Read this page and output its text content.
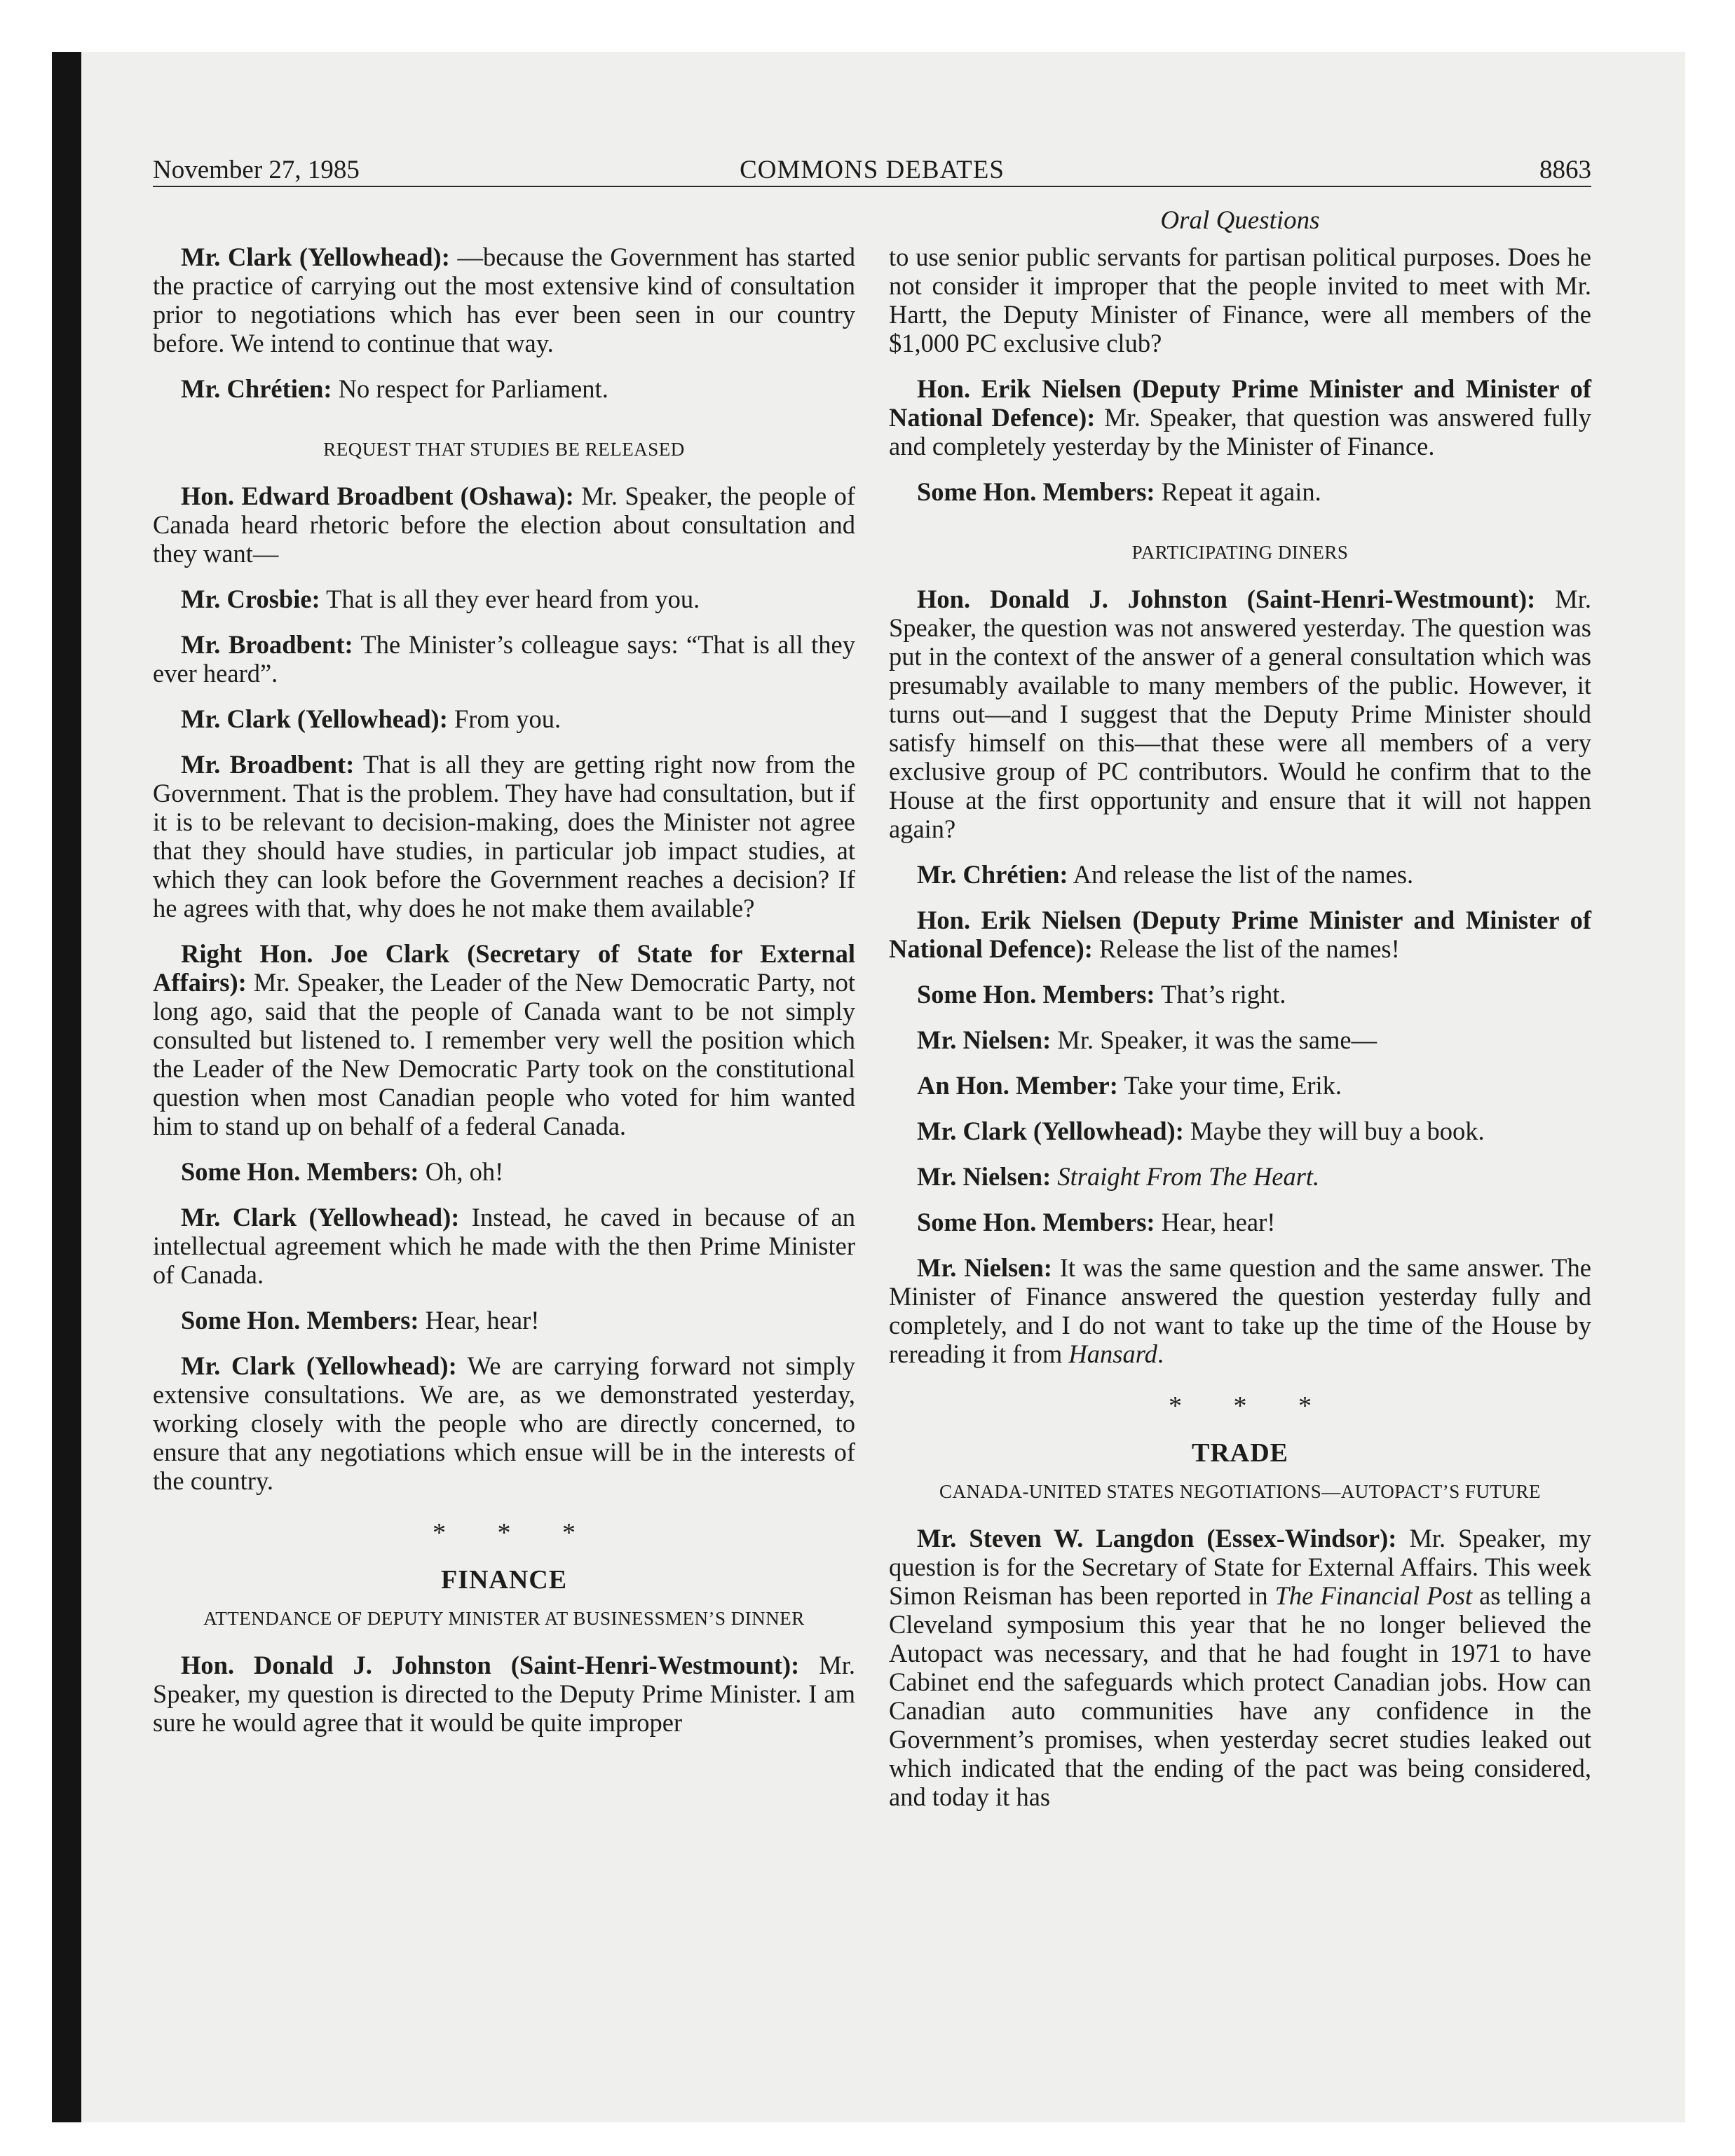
November 27, 1985	COMMONS DEBATES	8863
Oral Questions

Mr. Clark (Yellowhead): —because the Government has started the practice of carrying out the most extensive kind of consultation prior to negotiations which has ever been seen in our country before. We intend to continue that way.

Mr. Chrétien: No respect for Parliament.

REQUEST THAT STUDIES BE RELEASED

Hon. Edward Broadbent (Oshawa): Mr. Speaker, the people of Canada heard rhetoric before the election about consultation and they want—

Mr. Crosbie: That is all they ever heard from you.

Mr. Broadbent: The Minister’s colleague says: “That is all they ever heard”.

Mr. Clark (Yellowhead): From you.

Mr. Broadbent: That is all they are getting right now from the Government. That is the problem. They have had consultation, but if it is to be relevant to decision-making, does the Minister not agree that they should have studies, in particular job impact studies, at which they can look before the Government reaches a decision? If he agrees with that, why does he not make them available?

Right Hon. Joe Clark (Secretary of State for External Affairs): Mr. Speaker, the Leader of the New Democratic Party, not long ago, said that the people of Canada want to be not simply consulted but listened to. I remember very well the position which the Leader of the New Democratic Party took on the constitutional question when most Canadian people who voted for him wanted him to stand up on behalf of a federal Canada.

Some Hon. Members: Oh, oh!

Mr. Clark (Yellowhead): Instead, he caved in because of an intellectual agreement which he made with the then Prime Minister of Canada.

Some Hon. Members: Hear, hear!

Mr. Clark (Yellowhead): We are carrying forward not simply extensive consultations. We are, as we demonstrated yesterday, working closely with the people who are directly concerned, to ensure that any negotiations which ensue will be in the interests of the country.

* * *
FINANCE
ATTENDANCE OF DEPUTY MINISTER AT BUSINESSMEN’S DINNER

Hon. Donald J. Johnston (Saint-Henri-Westmount): Mr. Speaker, my question is directed to the Deputy Prime Minister. I am sure he would agree that it would be quite improper

to use senior public servants for partisan political purposes. Does he not consider it improper that the people invited to meet with Mr. Hartt, the Deputy Minister of Finance, were all members of the $1,000 PC exclusive club?

Hon. Erik Nielsen (Deputy Prime Minister and Minister of National Defence): Mr. Speaker, that question was answered fully and completely yesterday by the Minister of Finance.

Some Hon. Members: Repeat it again.

PARTICIPATING DINERS

Hon. Donald J. Johnston (Saint-Henri-Westmount): Mr. Speaker, the question was not answered yesterday. The question was put in the context of the answer of a general consultation which was presumably available to many members of the public. However, it turns out—and I suggest that the Deputy Prime Minister should satisfy himself on this—that these were all members of a very exclusive group of PC contributors. Would he confirm that to the House at the first opportunity and ensure that it will not happen again?

Mr. Chrétien: And release the list of the names.

Hon. Erik Nielsen (Deputy Prime Minister and Minister of National Defence): Release the list of the names!

Some Hon. Members: That’s right.

Mr. Nielsen: Mr. Speaker, it was the same—

An Hon. Member: Take your time, Erik.

Mr. Clark (Yellowhead): Maybe they will buy a book.

Mr. Nielsen: Straight From The Heart.

Some Hon. Members: Hear, hear!

Mr. Nielsen: It was the same question and the same answer. The Minister of Finance answered the question yesterday fully and completely, and I do not want to take up the time of the House by rereading it from Hansard.

* * *
TRADE
CANADA-UNITED STATES NEGOTIATIONS—AUTOPACT’S FUTURE

Mr. Steven W. Langdon (Essex-Windsor): Mr. Speaker, my question is for the Secretary of State for External Affairs. This week Simon Reisman has been reported in The Financial Post as telling a Cleveland symposium this year that he no longer believed the Autopact was necessary, and that he had fought in 1971 to have Cabinet end the safeguards which protect Canadian jobs. How can Canadian auto communities have any confidence in the Government’s promises, when yesterday secret studies leaked out which indicated that the ending of the pact was being considered, and today it has
